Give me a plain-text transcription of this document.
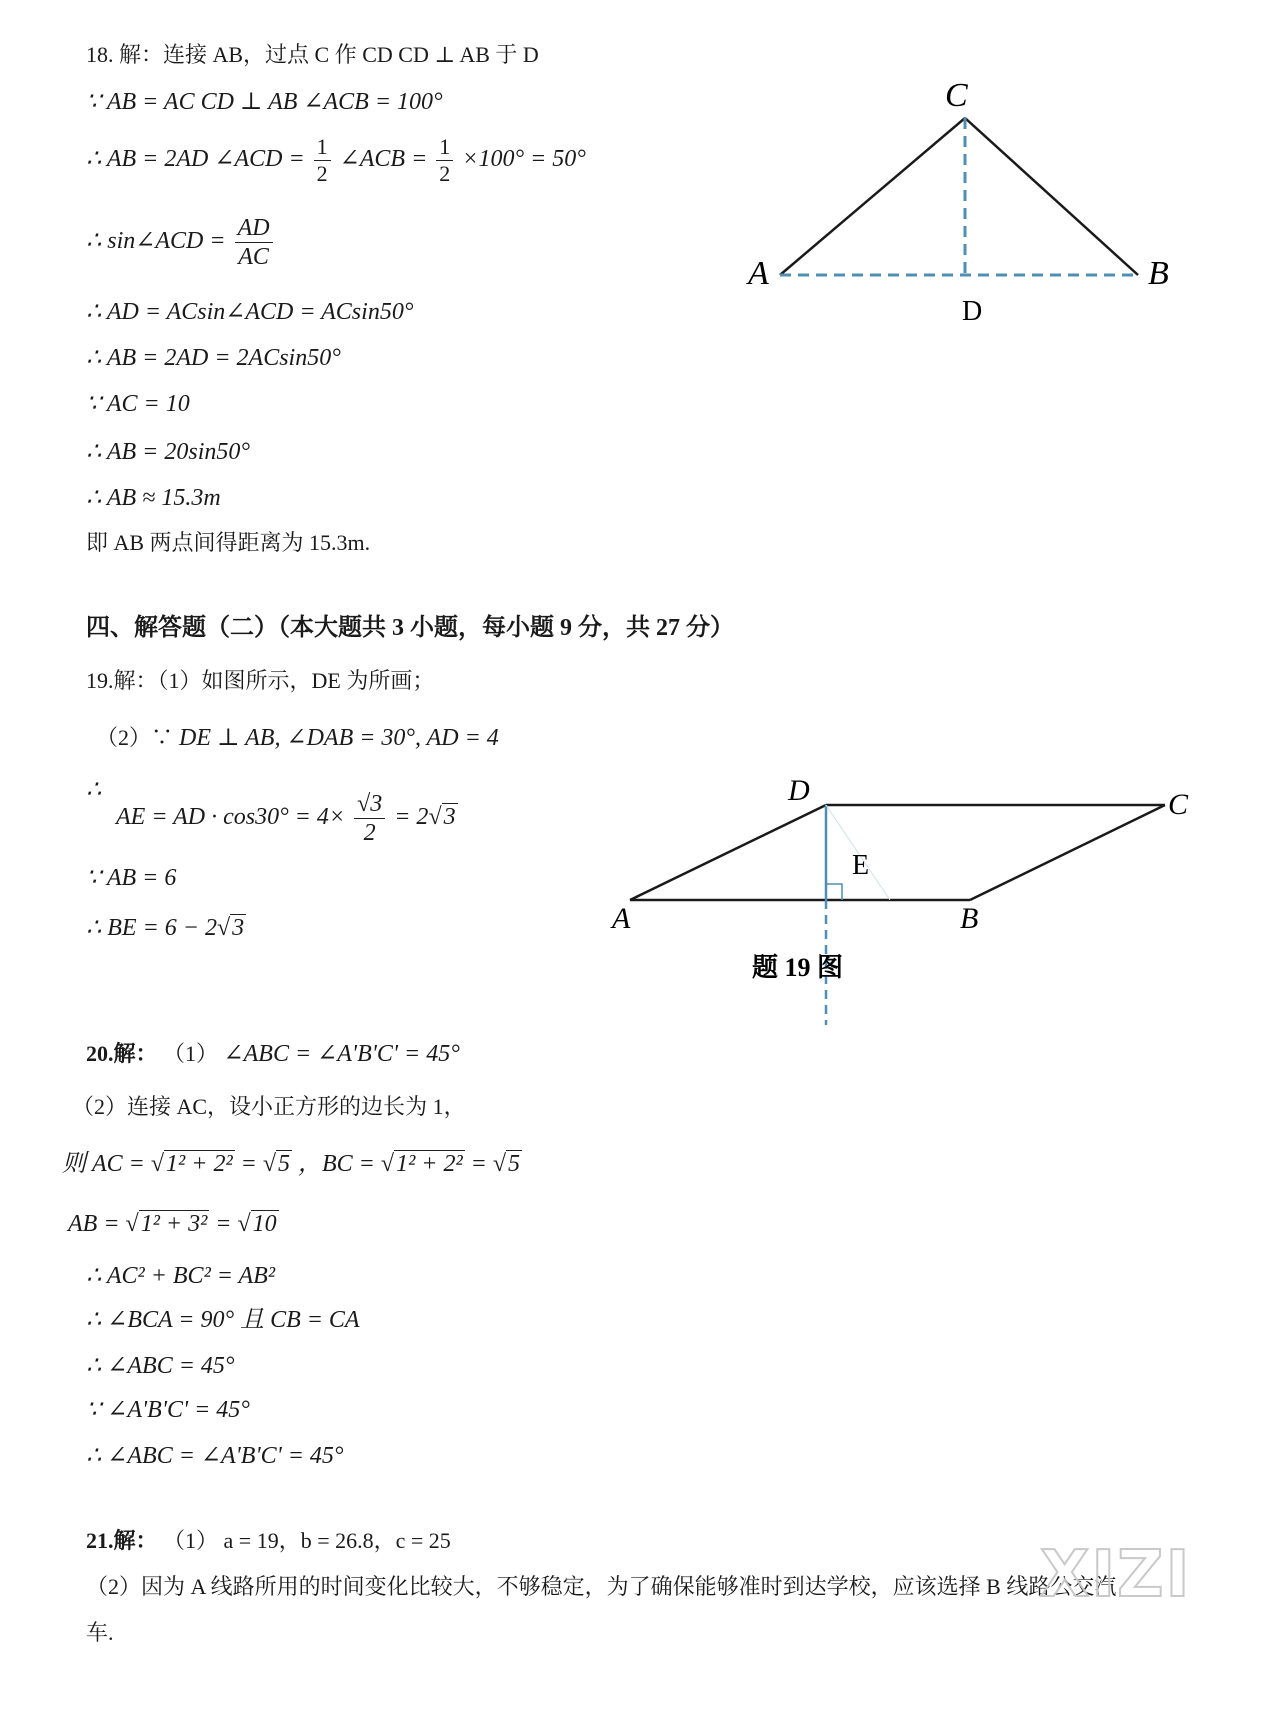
18. 解：连接 AB，过点 C 作 CD CD ⊥ AB 于 D
∵ AB = AC CD ⊥ AB ∠ACB = 100°
∴ AB = 2AD ∠ACD = $\frac{1}{2}$ ∠ACB = $\frac{1}{2} \times 100^\circ = 50^\circ$
∴ sin∠ACD = $\frac{AD}{AC}$
∴ AD = ACsin∠ACD = ACsin50°
∴ AB = 2AD = 2ACsin50°
∵ AC = 10
∴ AB = 20sin50°
∴ AB ≈ 15.3m
即 AB 两点间得距离为 15.3m.
C
A	B
D
四、解答题（二）（本大题共 3 小题，每小题 9 分，共 27 分）
19.解：（1）如图所示，DE 为所画；
（2）∵ DE ⊥ AB, ∠DAB = 30°, AD = 4
∴
AE = AD · $\cos 30^\circ = 4\times \frac{√3}{2} = 2√3$
∵ AB = 6
∴ BE = 6 − 2√3
D	C
E
A	B
题 19 图
20.解： （1） ∠ABC = ∠A'B'C' = 45°
（2）连接 AC，设小正方形的边长为 1，
则 AC = √1² + 2² = √5 ，BC = √1² + 2² = √5
AB = √1² + 3² = √10
∴ AC² + BC² = AB²
∴ ∠BCA = 90° 且 CB = CA
∴ ∠ABC = 45°
∵ ∠A'B'C' = 45°
∴ ∠ABC = ∠A'B'C' = 45°
21.解： （1） a = 19，b = 26.8，c = 25
（2）因为 A 线路所用的时间变化比较大，不够稳定，为了确保能够准时到达学校，应该选择 B 线路公交汽
车.
XIZI
